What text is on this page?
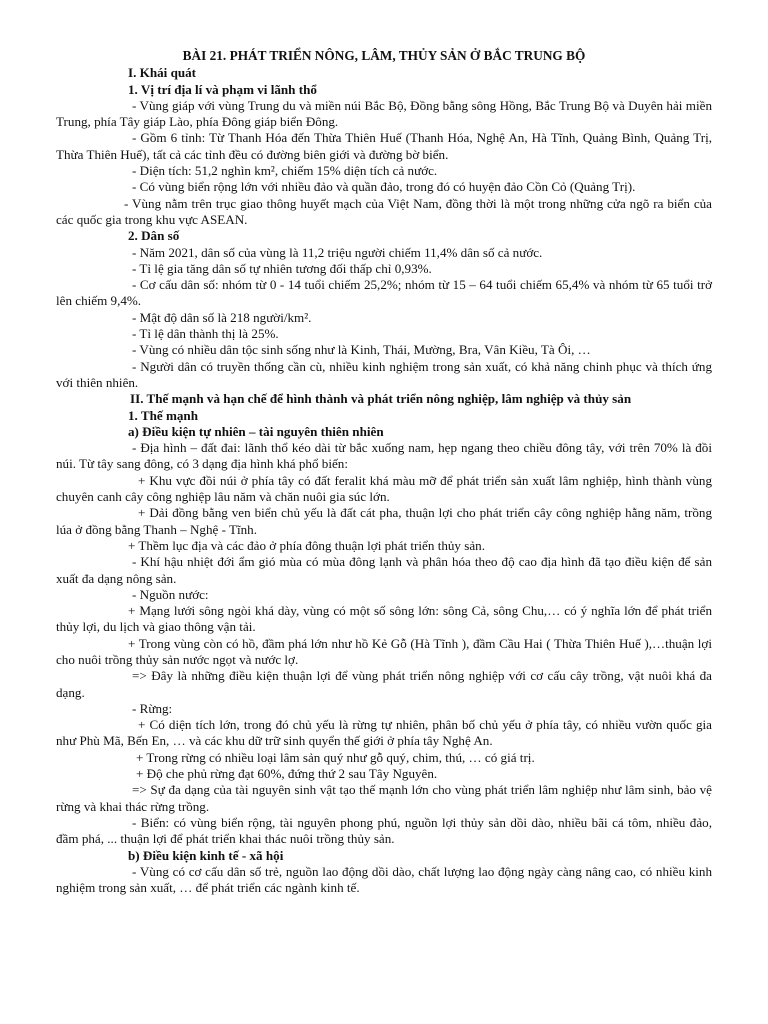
BÀI 21. PHÁT TRIỂN NÔNG, LÂM, THỦY SẢN Ở BẮC TRUNG BỘ

I. Khái quát

1. Vị trí địa lí và phạm vi lãnh thổ

- Vùng giáp với vùng Trung du và miền núi Bắc Bộ, Đồng bằng sông Hồng, Bắc Trung Bộ và Duyên hải miền Trung, phía Tây giáp Lào, phía Đông giáp biển Đông.

- Gồm 6 tỉnh: Từ Thanh Hóa đến Thừa Thiên Huế (Thanh Hóa, Nghệ An, Hà Tĩnh, Quảng Bình, Quảng Trị, Thừa Thiên Huế), tất cả các tỉnh đều có đường biên giới và đường bờ biển.

- Diện tích: 51,2 nghìn km², chiếm 15% diện tích cả nước.

- Có vùng biển rộng lớn với nhiều đảo và quần đảo, trong đó có huyện đảo Cồn Cỏ (Quảng Trị).

- Vùng nằm trên trục giao thông huyết mạch của Việt Nam, đồng thời là một trong những cửa ngõ ra biển của các quốc gia trong khu vực ASEAN.

2. Dân số

- Năm 2021, dân số của vùng là 11,2 triệu người chiếm 11,4% dân số cả nước.

- Tỉ lệ gia tăng dân số tự nhiên tương đối thấp chỉ 0,93%.

- Cơ cấu dân số: nhóm từ 0 - 14 tuổi chiếm 25,2%; nhóm từ 15 – 64 tuổi chiếm 65,4% và nhóm từ 65 tuổi trở lên chiếm 9,4%.

- Mật độ dân số là 218 người/km².

- Tỉ lệ dân thành thị là 25%.

- Vùng có nhiều dân tộc sinh sống như là Kinh, Thái, Mường, Bra, Vân Kiều, Tà Ôi, …

- Người dân có truyền thống cần cù, nhiều kinh nghiệm trong sản xuất, có khả năng chinh phục và thích ứng với thiên nhiên.

II. Thế mạnh và hạn chế để hình thành và phát triển nông nghiệp, lâm nghiệp và thủy sản

1. Thế mạnh

a) Điều kiện tự nhiên – tài nguyên thiên nhiên

- Địa hình – đất đai: lãnh thổ kéo dài từ bắc xuống nam, hẹp ngang theo chiều đông tây, với trên 70% là đồi núi. Từ tây sang đông, có 3 dạng địa hình khá phổ biến:

+ Khu vực đồi núi ở phía tây có đất feralit khá màu mỡ để phát triển sản xuất lâm nghiệp, hình thành vùng chuyên canh cây công nghiệp lâu năm và chăn nuôi gia súc lớn.

+ Dải đồng bằng ven biển chủ yếu là đất cát pha, thuận lợi cho phát triển cây công nghiệp hằng năm, trồng lúa ở đồng bằng Thanh – Nghệ - Tĩnh.

+ Thềm lục địa và các đảo ở phía đông thuận lợi phát triển thủy sản.

- Khí hậu nhiệt đới ẩm gió mùa có mùa đông lạnh và phân hóa theo độ cao địa hình đã tạo điều kiện để sản xuất đa dạng nông sản.

- Nguồn nước:

+ Mạng lưới sông ngòi khá dày, vùng có một số sông lớn: sông Cả, sông Chu,… có ý nghĩa lớn để phát triển thủy lợi, du lịch và giao thông vận tải.

+ Trong vùng còn có hồ, đầm phá lớn như hồ Kẻ Gỗ (Hà Tĩnh ), đầm Cầu Hai ( Thừa Thiên Huế ),…thuận lợi cho nuôi trồng thủy sản nước ngọt và nước lợ.

=> Đây là những điều kiện thuận lợi để vùng phát triển nông nghiệp với cơ cấu cây trồng, vật nuôi khá đa dạng.

- Rừng:

+ Có diện tích lớn, trong đó chủ yếu là rừng tự nhiên, phân bố chủ yếu ở phía tây, có nhiều vườn quốc gia như Phù Mã, Bến En, … và các khu dữ trữ sinh quyển thế giới ở phía tây Nghệ An.

+ Trong rừng có nhiều loại lâm sản quý như gỗ quý, chim, thú, … có giá trị.

+ Độ che phủ rừng đạt 60%, đứng thứ 2 sau Tây Nguyên.

=> Sự đa dạng của tài nguyên sinh vật tạo thế mạnh lớn cho vùng phát triển lâm nghiệp như lâm sinh, bảo vệ rừng và khai thác rừng trồng.

- Biển: có vùng biển rộng, tài nguyên phong phú, nguồn lợi thủy sản dồi dào, nhiều bãi cá tôm, nhiều đảo, đầm phá, ... thuận lợi để phát triển khai thác nuôi trồng thủy sản.

b) Điều kiện kinh tế - xã hội

- Vùng có cơ cấu dân số trẻ, nguồn lao động dồi dào, chất lượng lao động ngày càng nâng cao, có nhiều kinh nghiệm trong sản xuất, … để phát triển các ngành kinh tế.
